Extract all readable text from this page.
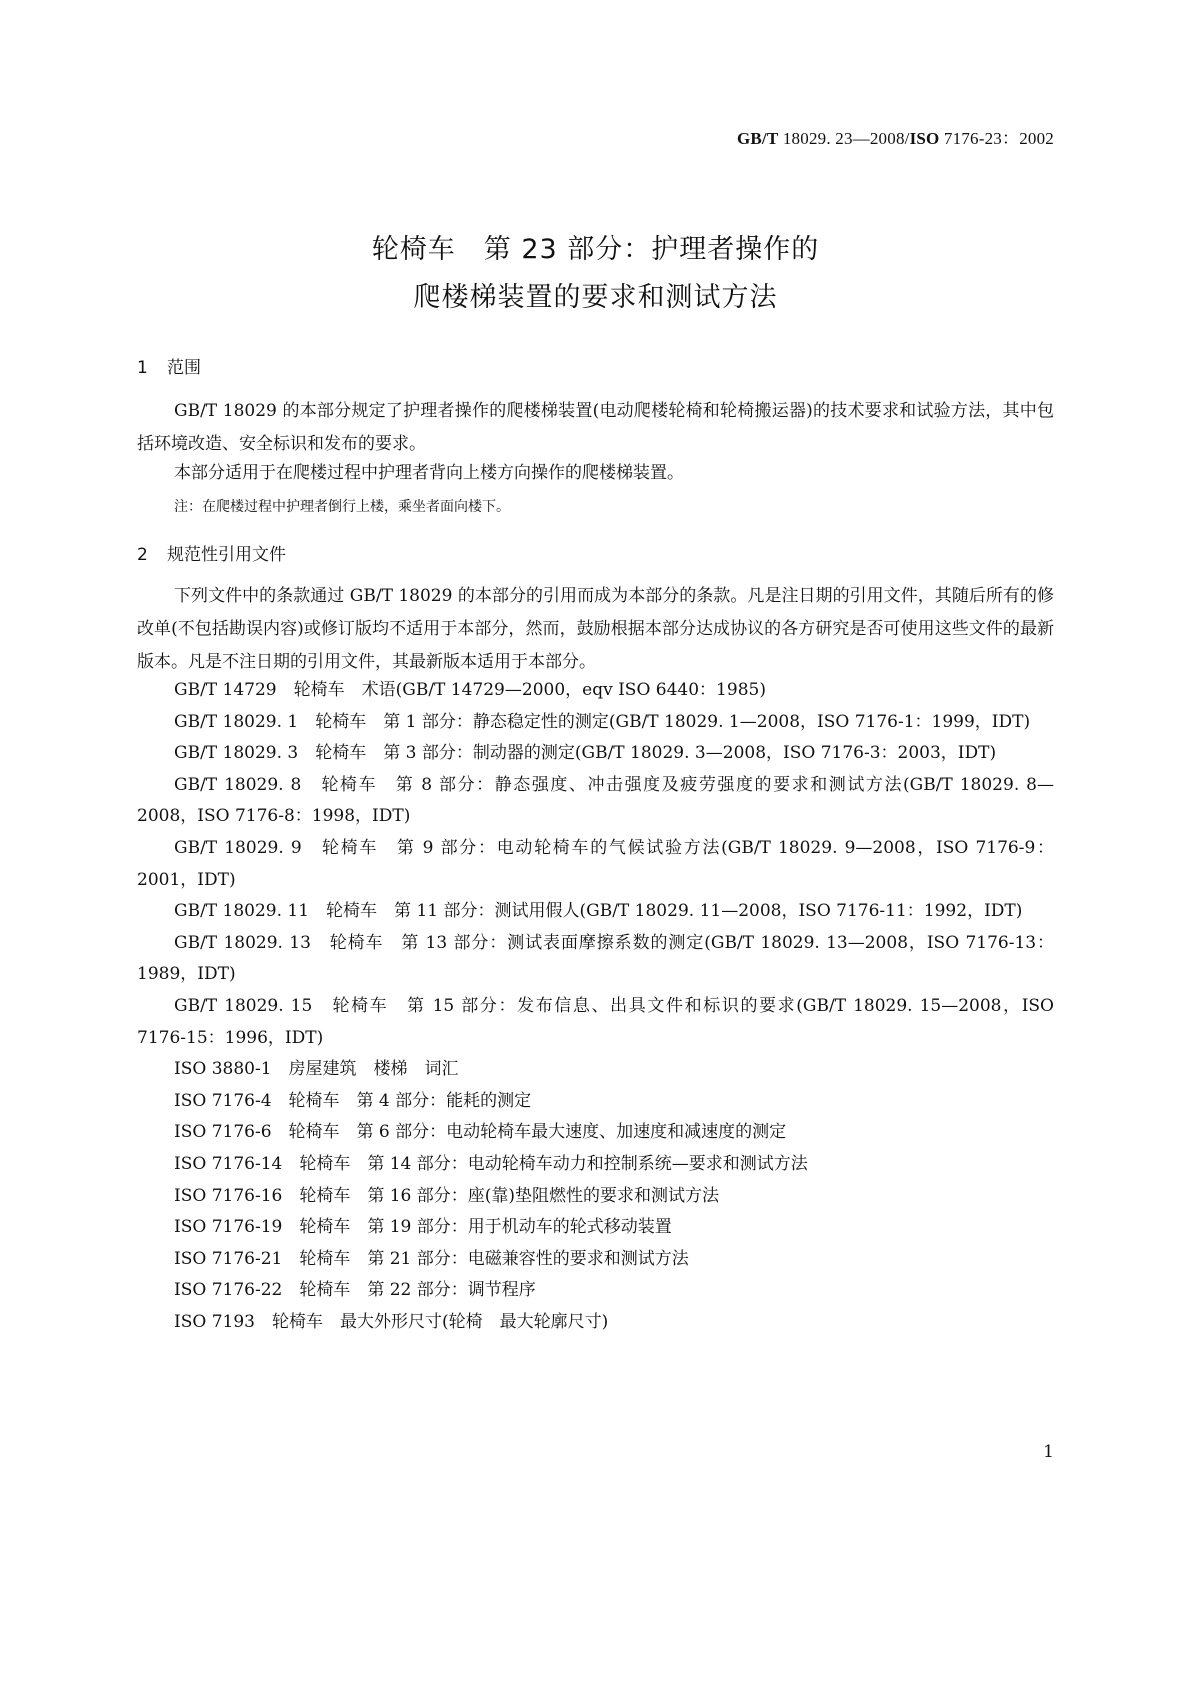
GB/T 18029. 23—2008/ISO 7176-23：2002
轮椅车　第 23 部分：护理者操作的
爬楼梯装置的要求和测试方法
1 范围
GB/T 18029 的本部分规定了护理者操作的爬楼梯装置(电动爬楼轮椅和轮椅搬运器)的技术要求和试验方法，其中包括环境改造、安全标识和发布的要求。
本部分适用于在爬楼过程中护理者背向上楼方向操作的爬楼梯装置。
注：在爬楼过程中护理者倒行上楼，乘坐者面向楼下。
2 规范性引用文件
下列文件中的条款通过 GB/T 18029 的本部分的引用而成为本部分的条款。凡是注日期的引用文件，其随后所有的修改单(不包括勘误内容)或修订版均不适用于本部分，然而，鼓励根据本部分达成协议的各方研究是否可使用这些文件的最新版本。凡是不注日期的引用文件，其最新版本适用于本部分。
GB/T 14729　轮椅车　术语(GB/T 14729—2000，eqv ISO 6440：1985)
GB/T 18029. 1　轮椅车　第 1 部分：静态稳定性的测定(GB/T 18029. 1—2008，ISO 7176-1：1999，IDT)
GB/T 18029. 3　轮椅车　第 3 部分：制动器的测定(GB/T 18029. 3—2008，ISO 7176-3：2003，IDT)
GB/T 18029. 8　轮椅车　第 8 部分：静态强度、冲击强度及疲劳强度的要求和测试方法(GB/T 18029. 8—2008，ISO 7176-8：1998，IDT)
GB/T 18029. 9　轮椅车　第 9 部分：电动轮椅车的气候试验方法(GB/T 18029. 9—2008，ISO 7176-9：2001，IDT)
GB/T 18029. 11　轮椅车　第 11 部分：测试用假人(GB/T 18029. 11—2008，ISO 7176-11：1992，IDT)
GB/T 18029. 13　轮椅车　第 13 部分：测试表面摩擦系数的测定(GB/T 18029. 13—2008，ISO 7176-13：1989，IDT)
GB/T 18029. 15　轮椅车　第 15 部分：发布信息、出具文件和标识的要求(GB/T 18029. 15—2008，ISO 7176-15：1996，IDT)
ISO 3880-1　房屋建筑　楼梯　词汇
ISO 7176-4　轮椅车　第 4 部分：能耗的测定
ISO 7176-6　轮椅车　第 6 部分：电动轮椅车最大速度、加速度和减速度的测定
ISO 7176-14　轮椅车　第 14 部分：电动轮椅车动力和控制系统—要求和测试方法
ISO 7176-16　轮椅车　第 16 部分：座(靠)垫阻燃性的要求和测试方法
ISO 7176-19　轮椅车　第 19 部分：用于机动车的轮式移动装置
ISO 7176-21　轮椅车　第 21 部分：电磁兼容性的要求和测试方法
ISO 7176-22　轮椅车　第 22 部分：调节程序
ISO 7193　轮椅车　最大外形尺寸(轮椅　最大轮廓尺寸)
1
